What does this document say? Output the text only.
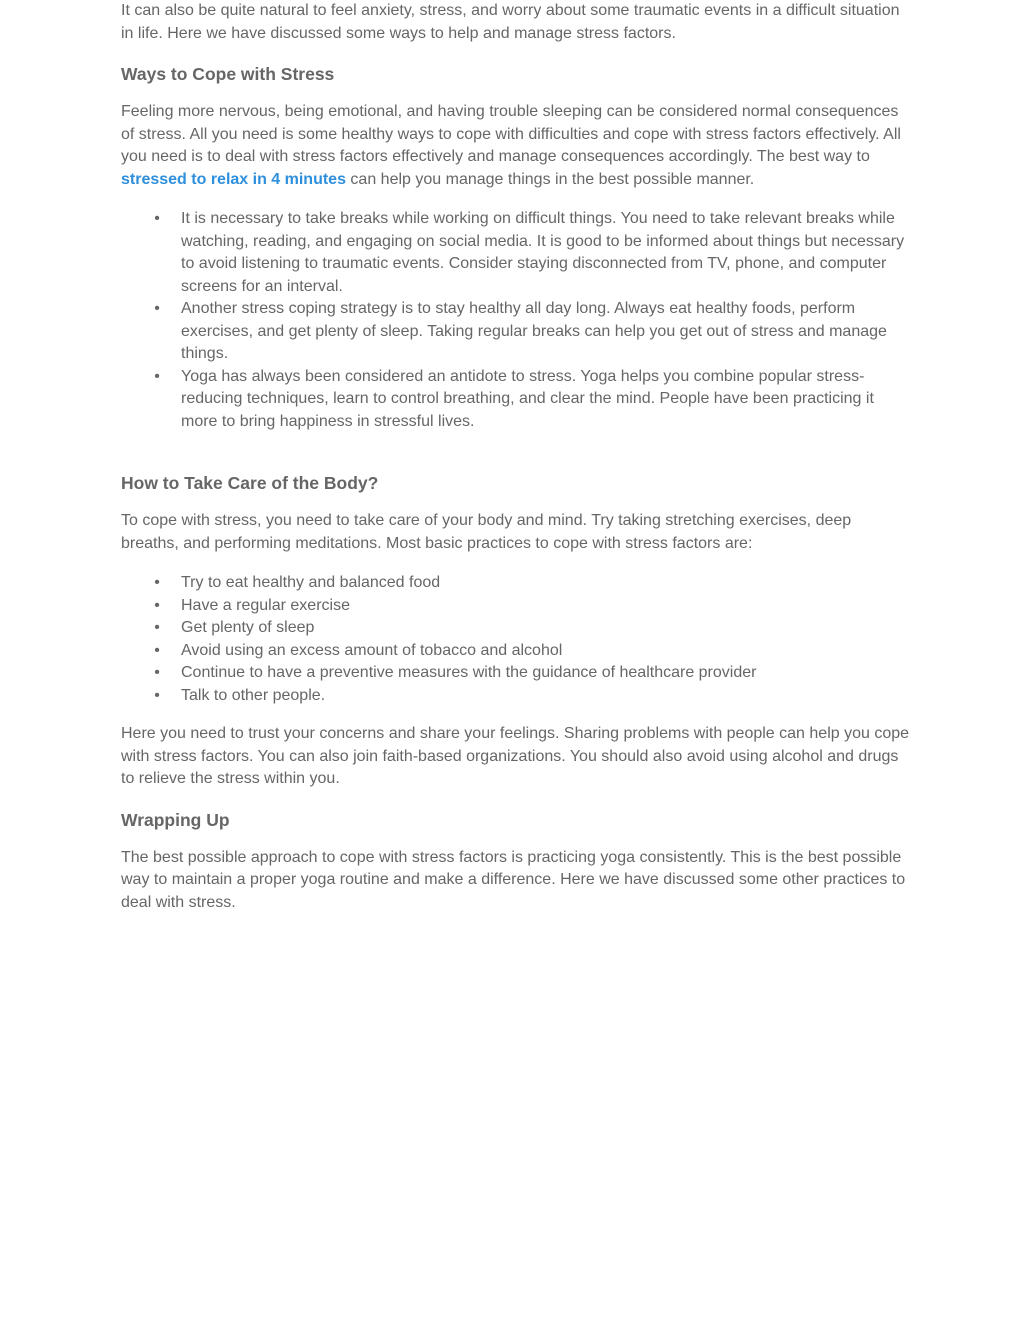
It can also be quite natural to feel anxiety, stress, and worry about some traumatic events in a difficult situation in life. Here we have discussed some ways to help and manage stress factors.

Ways to Cope with Stress

Feeling more nervous, being emotional, and having trouble sleeping can be considered normal consequences of stress. All you need is some healthy ways to cope with difficulties and cope with stress factors effectively. All you need is to deal with stress factors effectively and manage consequences accordingly. The best way to stressed to relax in 4 minutes can help you manage things in the best possible manner.

• It is necessary to take breaks while working on difficult things. You need to take relevant breaks while watching, reading, and engaging on social media. It is good to be informed about things but necessary to avoid listening to traumatic events. Consider staying disconnected from TV, phone, and computer screens for an interval.
• Another stress coping strategy is to stay healthy all day long. Always eat healthy foods, perform exercises, and get plenty of sleep. Taking regular breaks can help you get out of stress and manage things.
• Yoga has always been considered an antidote to stress. Yoga helps you combine popular stress-reducing techniques, learn to control breathing, and clear the mind. People have been practicing it more to bring happiness in stressful lives.
How to Take Care of the Body?

To cope with stress, you need to take care of your body and mind. Try taking stretching exercises, deep breaths, and performing meditations. Most basic practices to cope with stress factors are:

• Try to eat healthy and balanced food
• Have a regular exercise
• Get plenty of sleep
• Avoid using an excess amount of tobacco and alcohol
• Continue to have a preventive measures with the guidance of healthcare provider
• Talk to other people.

Here you need to trust your concerns and share your feelings. Sharing problems with people can help you cope with stress factors. You can also join faith-based organizations. You should also avoid using alcohol and drugs to relieve the stress within you.

Wrapping Up

The best possible approach to cope with stress factors is practicing yoga consistently. This is the best possible way to maintain a proper yoga routine and make a difference. Here we have discussed some other practices to deal with stress.
